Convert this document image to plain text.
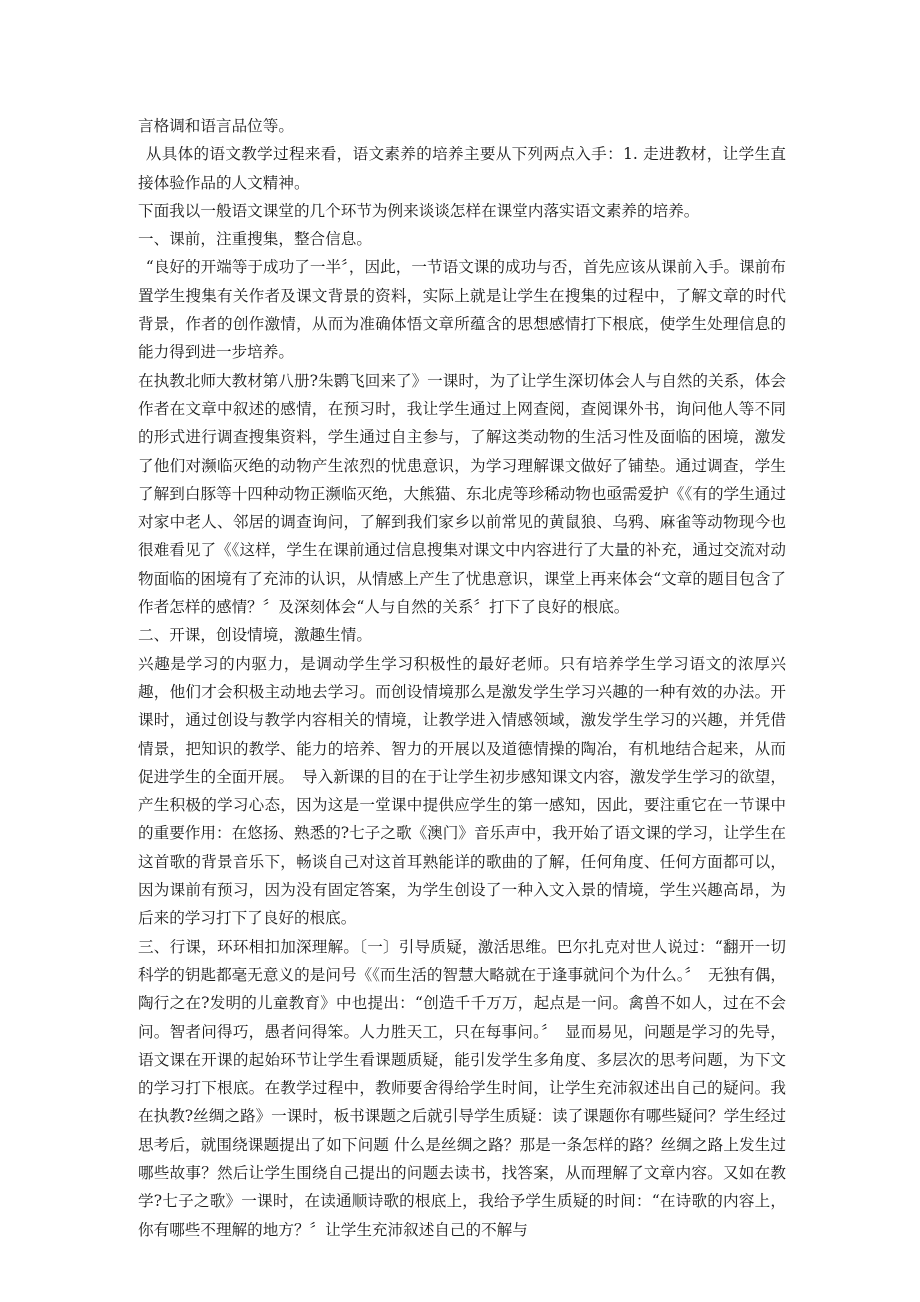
言格调和语言品位等。

从具体的语文教学过程来看，语文素养的培养主要从下列两点入手：1. 走进教材，让学生直接体验作品的人文精神。

下面我以一般语文课堂的几个环节为例来谈谈怎样在课堂内落实语文素养的培养。

一、课前，注重搜集，整合信息。

“良好的开端等于成功了一半〞，因此，一节语文课的成功与否，首先应该从课前入手。课前布置学生搜集有关作者及课文背景的资料，实际上就是让学生在搜集的过程中，了解文章的时代背景，作者的创作激情，从而为准确体悟文章所蕴含的思想感情打下根底，使学生处理信息的能力得到进一步培养。

在执教北师大教材第八册?朱鹮飞回来了》一课时，为了让学生深切体会人与自然的关系，体会作者在文章中叙述的感情，在预习时，我让学生通过上网查阅，查阅课外书，询问他人等不同的形式进行调查搜集资料，学生通过自主参与，了解这类动物的生活习性及面临的困境，激发了他们对濒临灭绝的动物产生浓烈的忧患意识，为学习理解课文做好了铺垫。通过调查，学生了解到白豚等十四种动物正濒临灭绝，大熊猫、东北虎等珍稀动物也亟需爱护《《有的学生通过对家中老人、邻居的调查询问，了解到我们家乡以前常见的黄鼠狼、乌鸦、麻雀等动物现今也很难看见了《《这样，学生在课前通过信息搜集对课文中内容进行了大量的补充，通过交流对动物面临的困境有了充沛的认识，从情感上产生了忧患意识，课堂上再来体会“文章的题目包含了作者怎样的感情？〞及深刻体会“人与自然的关系〞打下了良好的根底。

二、开课，创设情境，激趣生情。

兴趣是学习的内驱力，是调动学生学习积极性的最好老师。只有培养学生学习语文的浓厚兴趣，他们才会积极主动地去学习。而创设情境那么是激发学生学习兴趣的一种有效的办法。开课时，通过创设与教学内容相关的情境，让教学进入情感领域，激发学生学习的兴趣，并凭借情景，把知识的教学、能力的培养、智力的开展以及道德情操的陶冶，有机地结合起来，从而促进学生的全面开展。　导入新课的目的在于让学生初步感知课文内容，激发学生学习的欲望，产生积极的学习心态，因为这是一堂课中提供应学生的第一感知，因此，要注重它在一节课中的重要作用：在悠扬、熟悉的?七子之歌《澳门》音乐声中，我开始了语文课的学习，让学生在这首歌的背景音乐下，畅谈自己对这首耳熟能详的歌曲的了解，任何角度、任何方面都可以，因为课前有预习，因为没有固定答案，为学生创设了一种入文入景的情境，学生兴趣高昂，为后来的学习打下了良好的根底。

三、行课，环环相扣加深理解。〔一〕引导质疑，激活思维。巴尔扎克对世人说过：“翻开一切科学的钥匙都毫无意义的是问号《《而生活的智慧大略就在于逢事就问个为什么。〞　无独有偶，陶行之在?发明的儿童教育》中也提出：“创造千千万万，起点是一问。禽兽不如人，过在不会问。智者问得巧，愚者问得笨。人力胜天工，只在每事问。〞　显而易见，问题是学习的先导，语文课在开课的起始环节让学生看课题质疑，能引发学生多角度、多层次的思考问题，为下文的学习打下根底。在教学过程中，教师要舍得给学生时间，让学生充沛叙述出自己的疑问。我在执教?丝绸之路》一课时，板书课题之后就引导学生质疑：读了课题你有哪些疑问？学生经过思考后，就围绕课题提出了如下问题 什么是丝绸之路？那是一条怎样的路？丝绸之路上发生过哪些故事？然后让学生围绕自己提出的问题去读书，找答案，从而理解了文章内容。又如在教学?七子之歌》一课时，在读通顺诗歌的根底上，我给予学生质疑的时间：“在诗歌的内容上，你有哪些不理解的地方？〞让学生充沛叙述自己的不解与
